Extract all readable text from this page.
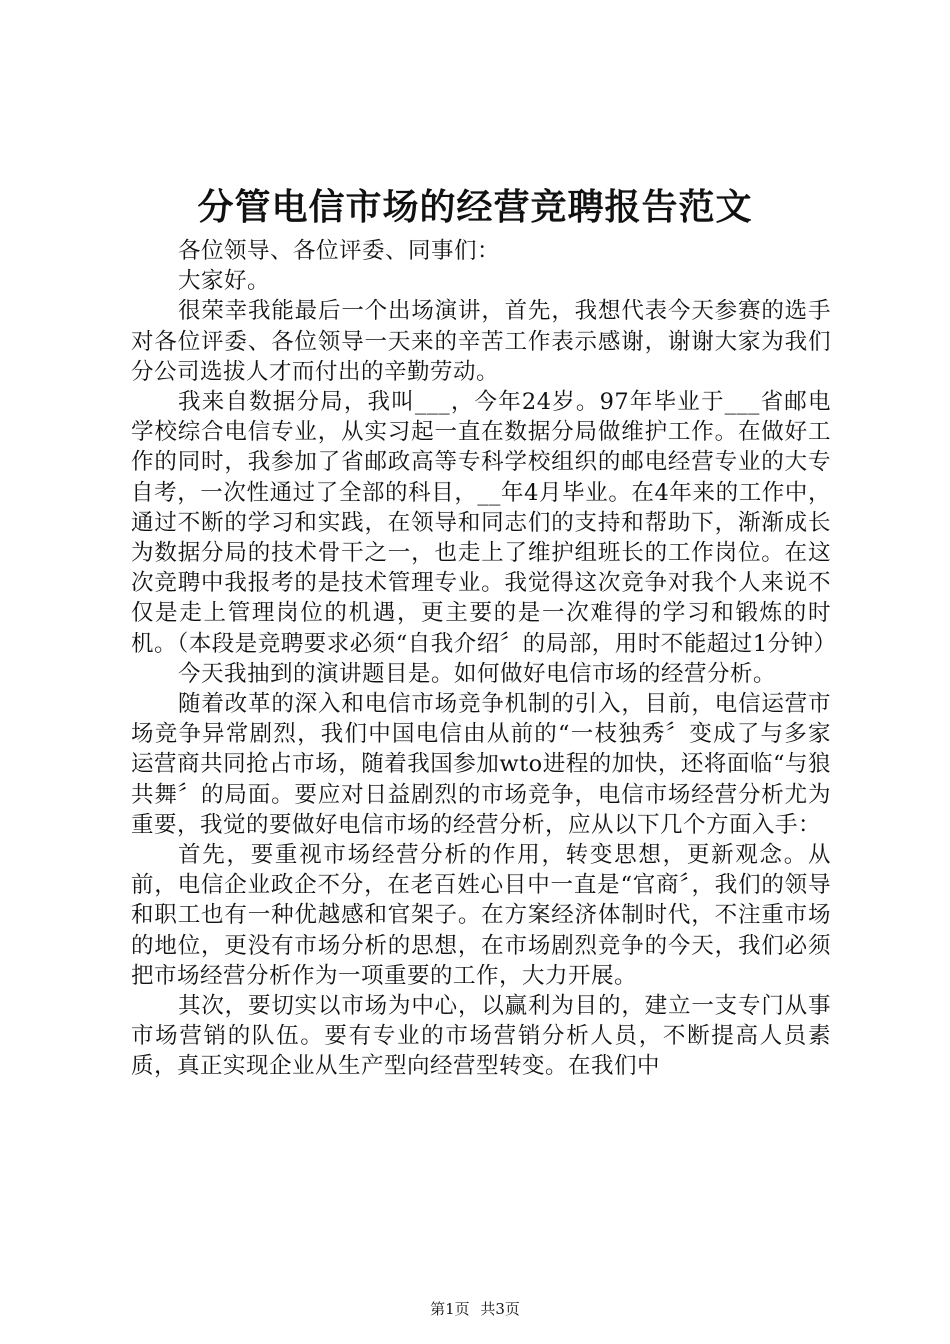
分管电信市场的经营竞聘报告范文

各位领导、各位评委、同事们：

大家好。

很荣幸我能最后一个出场演讲，首先，我想代表今天参赛的选手对各位评委、各位领导一天来的辛苦工作表示感谢，谢谢大家为我们分公司选拔人才而付出的辛勤劳动。

我来自数据分局，我叫___，今年24岁。97年毕业于___省邮电学校综合电信专业，从实习起一直在数据分局做维护工作。在做好工作的同时，我参加了省邮政高等专科学校组织的邮电经营专业的大专自考，一次性通过了全部的科目，__年4月毕业。在4年来的工作中，通过不断的学习和实践，在领导和同志们的支持和帮助下，渐渐成长为数据分局的技术骨干之一，也走上了维护组班长的工作岗位。在这次竞聘中我报考的是技术管理专业。我觉得这次竞争对我个人来说不仅是走上管理岗位的机遇，更主要的是一次难得的学习和锻炼的时机。（本段是竞聘要求必须“自我介绍〞的局部，用时不能超过1分钟）

今天我抽到的演讲题目是。如何做好电信市场的经营分析。

随着改革的深入和电信市场竞争机制的引入，目前，电信运营市场竞争异常剧烈，我们中国电信由从前的“一枝独秀〞变成了与多家运营商共同抢占市场，随着我国参加wto进程的加快，还将面临“与狼共舞〞的局面。要应对日益剧烈的市场竞争，电信市场经营分析尤为重要，我觉的要做好电信市场的经营分析，应从以下几个方面入手：

首先，要重视市场经营分析的作用，转变思想，更新观念。从前，电信企业政企不分，在老百姓心目中一直是“官商〞，我们的领导和职工也有一种优越感和官架子。在方案经济体制时代，不注重市场的地位，更没有市场分析的思想，在市场剧烈竞争的今天，我们必须把市场经营分析作为一项重要的工作，大力开展。

其次，要切实以市场为中心，以赢利为目的，建立一支专门从事市场营销的队伍。要有专业的市场营销分析人员，不断提高人员素质，真正实现企业从生产型向经营型转变。在我们中

第1页 共3页
